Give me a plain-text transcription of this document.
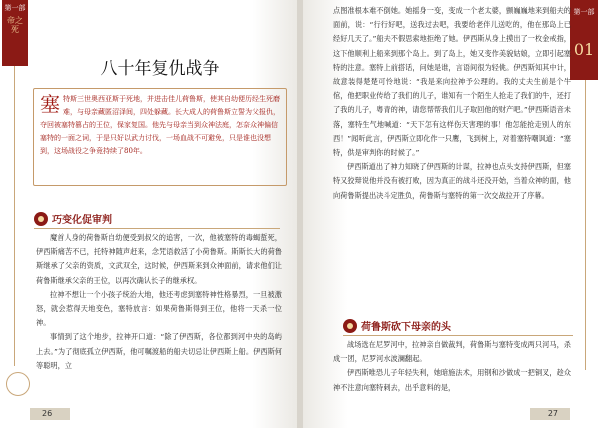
第一部
帝之死
八十年复仇战争
塞 特斯三世奥西亚斯于死地，并进击佳儿荷鲁斯，使其自幼便历经生死磨难，与母亲藏匿沼泽间，四处躲藏。长大成人的荷鲁斯立誓为父报仇，夺回被塞特篡占的王位，保家复国。他先与母亲当到众神法庭，怎奈众神偏信塞特的一面之词，于是只好以武力讨伐，一场血战不可避免，只是谁也没想到，这场战役之争竟持续了80年。
巧变化促审判

魔首人身的荷鲁斯自幼便受到叔父的追害，一次，他被塞特的毒蝎蜇死，伊西斯痛苦不已，托特神随声赶来，念咒语救活了小荷鲁斯。斯斯长大的荷鲁斯继承了父亲的资质，文武双全，这时候，伊西斯来到众神面前，请求他们让荷鲁斯继承父亲的王位，以再次确认长子的继承权。

拉神不想让一个小孩子统治大地，他还考虑到塞特神性格暴烈，一旦被激怒，就会惹得天地变色，塞特放言：如果荷鲁斯得到王位，他将一天杀一位神。

事情到了这个地步，拉神开口道：“除了伊西斯，各位都到河中央的岛屿上去。”为了彻底孤立伊西斯，他可嘱渡船的船夫切忌让伊西斯上船。伊西斯何等聪明，立

26
第一部
01

点图准根本难不倒她。她摇身一变，变成一个老太婆，颤巍巍地来到船夫的面前，说：“行行好吧，送我过去吧，我要给老伴儿送吃的，他在那岛上已经好几天了。”船夫不假思索地拒绝了她。伊西斯从身上摸出了一枚金戒指，这下他顺利上船来到那个岛上。到了岛上，她又变作美貌姑娘，立即引起塞特的注意。塞特上前搭话，问她是谁，言语间很为轻佻。伊西斯知其中计，故意装得楚楚可怜地说：“我是来向拉神予公理的。我的丈夫生前是个牛倌，他把职业传给了我们的儿子，谁知有一个陌生人抢走了我们的牛，还打了我的儿子，粤青的神，请您帮帮我们儿子取回他的财产吧。”伊西斯语音未落，塞特生气地喊道：“天下怎有这样伤天害理的事！他怎能抢走别人的东西！”闻听此言，伊西斯立即化作一只鹰，飞到树上，对着塞特嘲讽道：“塞特，供是审判你的时候了。”

伊西斯道出了神力知晓了伊西斯的计谋，拉神也点头支持伊西斯，但塞特又狡辩说他并没有被打败，因为真正的战斗还没开始，当着众神的面，他向荷鲁斯提出决斗定胜负，荷鲁斯与塞特的第一次交战拉开了序幕。

荷鲁斯砍下母亲的头

战场选在尼罗河中，拉神亲自做裁判，荷鲁斯与塞特变成两只河马，杀成一团，尼罗河水波澜翻起。

伊西斯唯恐儿子年轻失利，她暗施法术，用钢和沙做成一把铜叉，趁众神不注意向塞特刺去，出乎意料的是，

27
